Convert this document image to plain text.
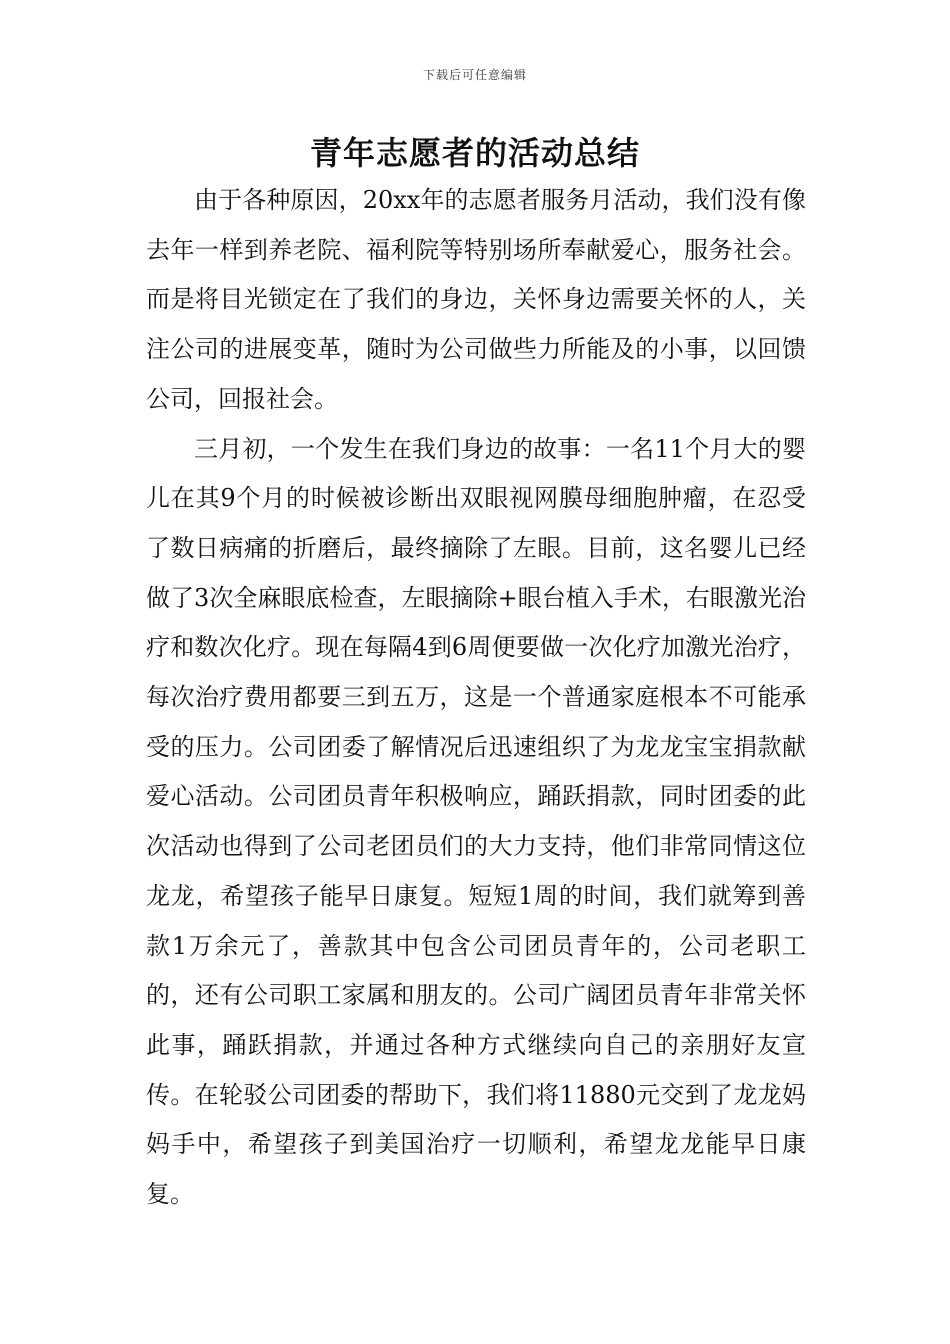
下载后可任意编辑
青年志愿者的活动总结

由于各种原因，20xx年的志愿者服务月活动，我们没有像去年一样到养老院、福利院等特别场所奉献爱心，服务社会。而是将目光锁定在了我们的身边，关怀身边需要关怀的人，关注公司的进展变革，随时为公司做些力所能及的小事，以回馈公司，回报社会。

三月初，一个发生在我们身边的故事：一名11个月大的婴儿在其9个月的时候被诊断出双眼视网膜母细胞肿瘤，在忍受了数日病痛的折磨后，最终摘除了左眼。目前，这名婴儿已经做了3次全麻眼底检查，左眼摘除+眼台植入手术，右眼激光治疗和数次化疗。现在每隔4到6周便要做一次化疗加激光治疗，每次治疗费用都要三到五万，这是一个普通家庭根本不可能承受的压力。公司团委了解情况后迅速组织了为龙龙宝宝捐款献爱心活动。公司团员青年积极响应，踊跃捐款，同时团委的此次活动也得到了公司老团员们的大力支持，他们非常同情这位龙龙，希望孩子能早日康复。短短1周的时间，我们就筹到善款1万余元了，善款其中包含公司团员青年的，公司老职工的，还有公司职工家属和朋友的。公司广阔团员青年非常关怀此事，踊跃捐款，并通过各种方式继续向自己的亲朋好友宣传。在轮驳公司团委的帮助下，我们将11880元交到了龙龙妈妈手中，希望孩子到美国治疗一切顺利，希望龙龙能早日康复。
